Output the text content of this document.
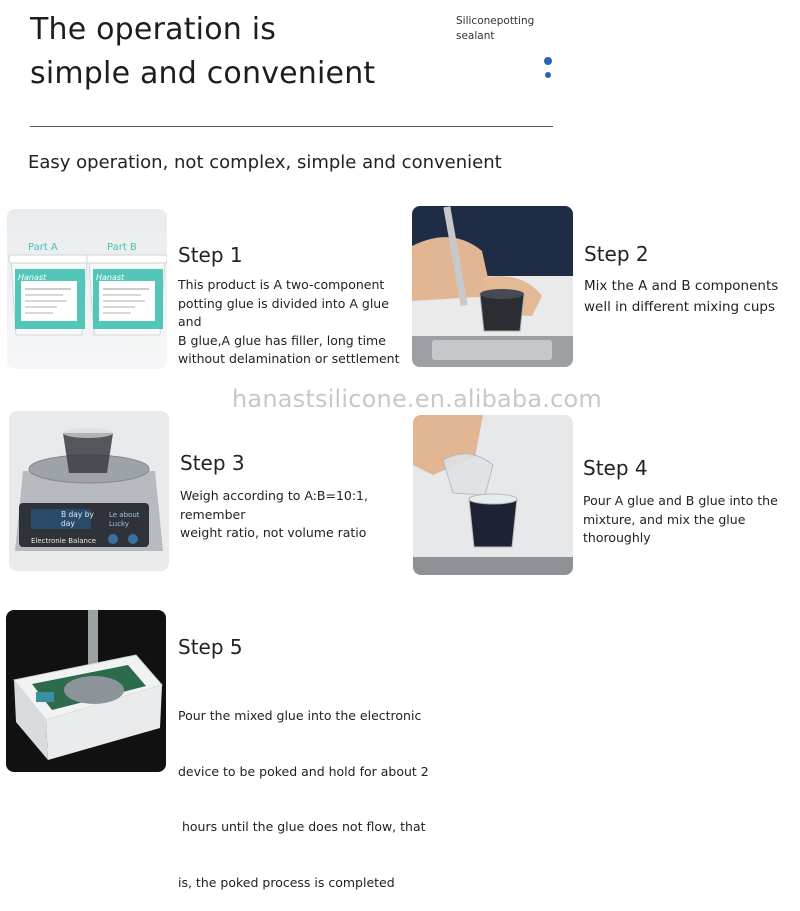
The operation is
simple and convenient
Siliconepotting
sealant
Easy operation, not complex, simple and convenient
Part A
Hanast
Part B
Hanast
Step 1
This product is A two-component
potting glue is divided into A glue and
B glue,A glue has filler, long time
without delamination or settlement
Step 2
Mix the A and B components
well in different mixing cups
hanastsilicone.en.alibaba.com
B day by
day
Le about
Lucky
Electronie Balance
Step 3
Weigh according to A:B=10:1, remember
weight ratio, not volume ratio
Step 4
Pour A glue and B glue into the
mixture, and mix the glue thoroughly
Step 5

Pour the mixed glue into the electronic

device to be poked and hold for about 2

hours until the glue does not flow, that

is, the poked process is completed
